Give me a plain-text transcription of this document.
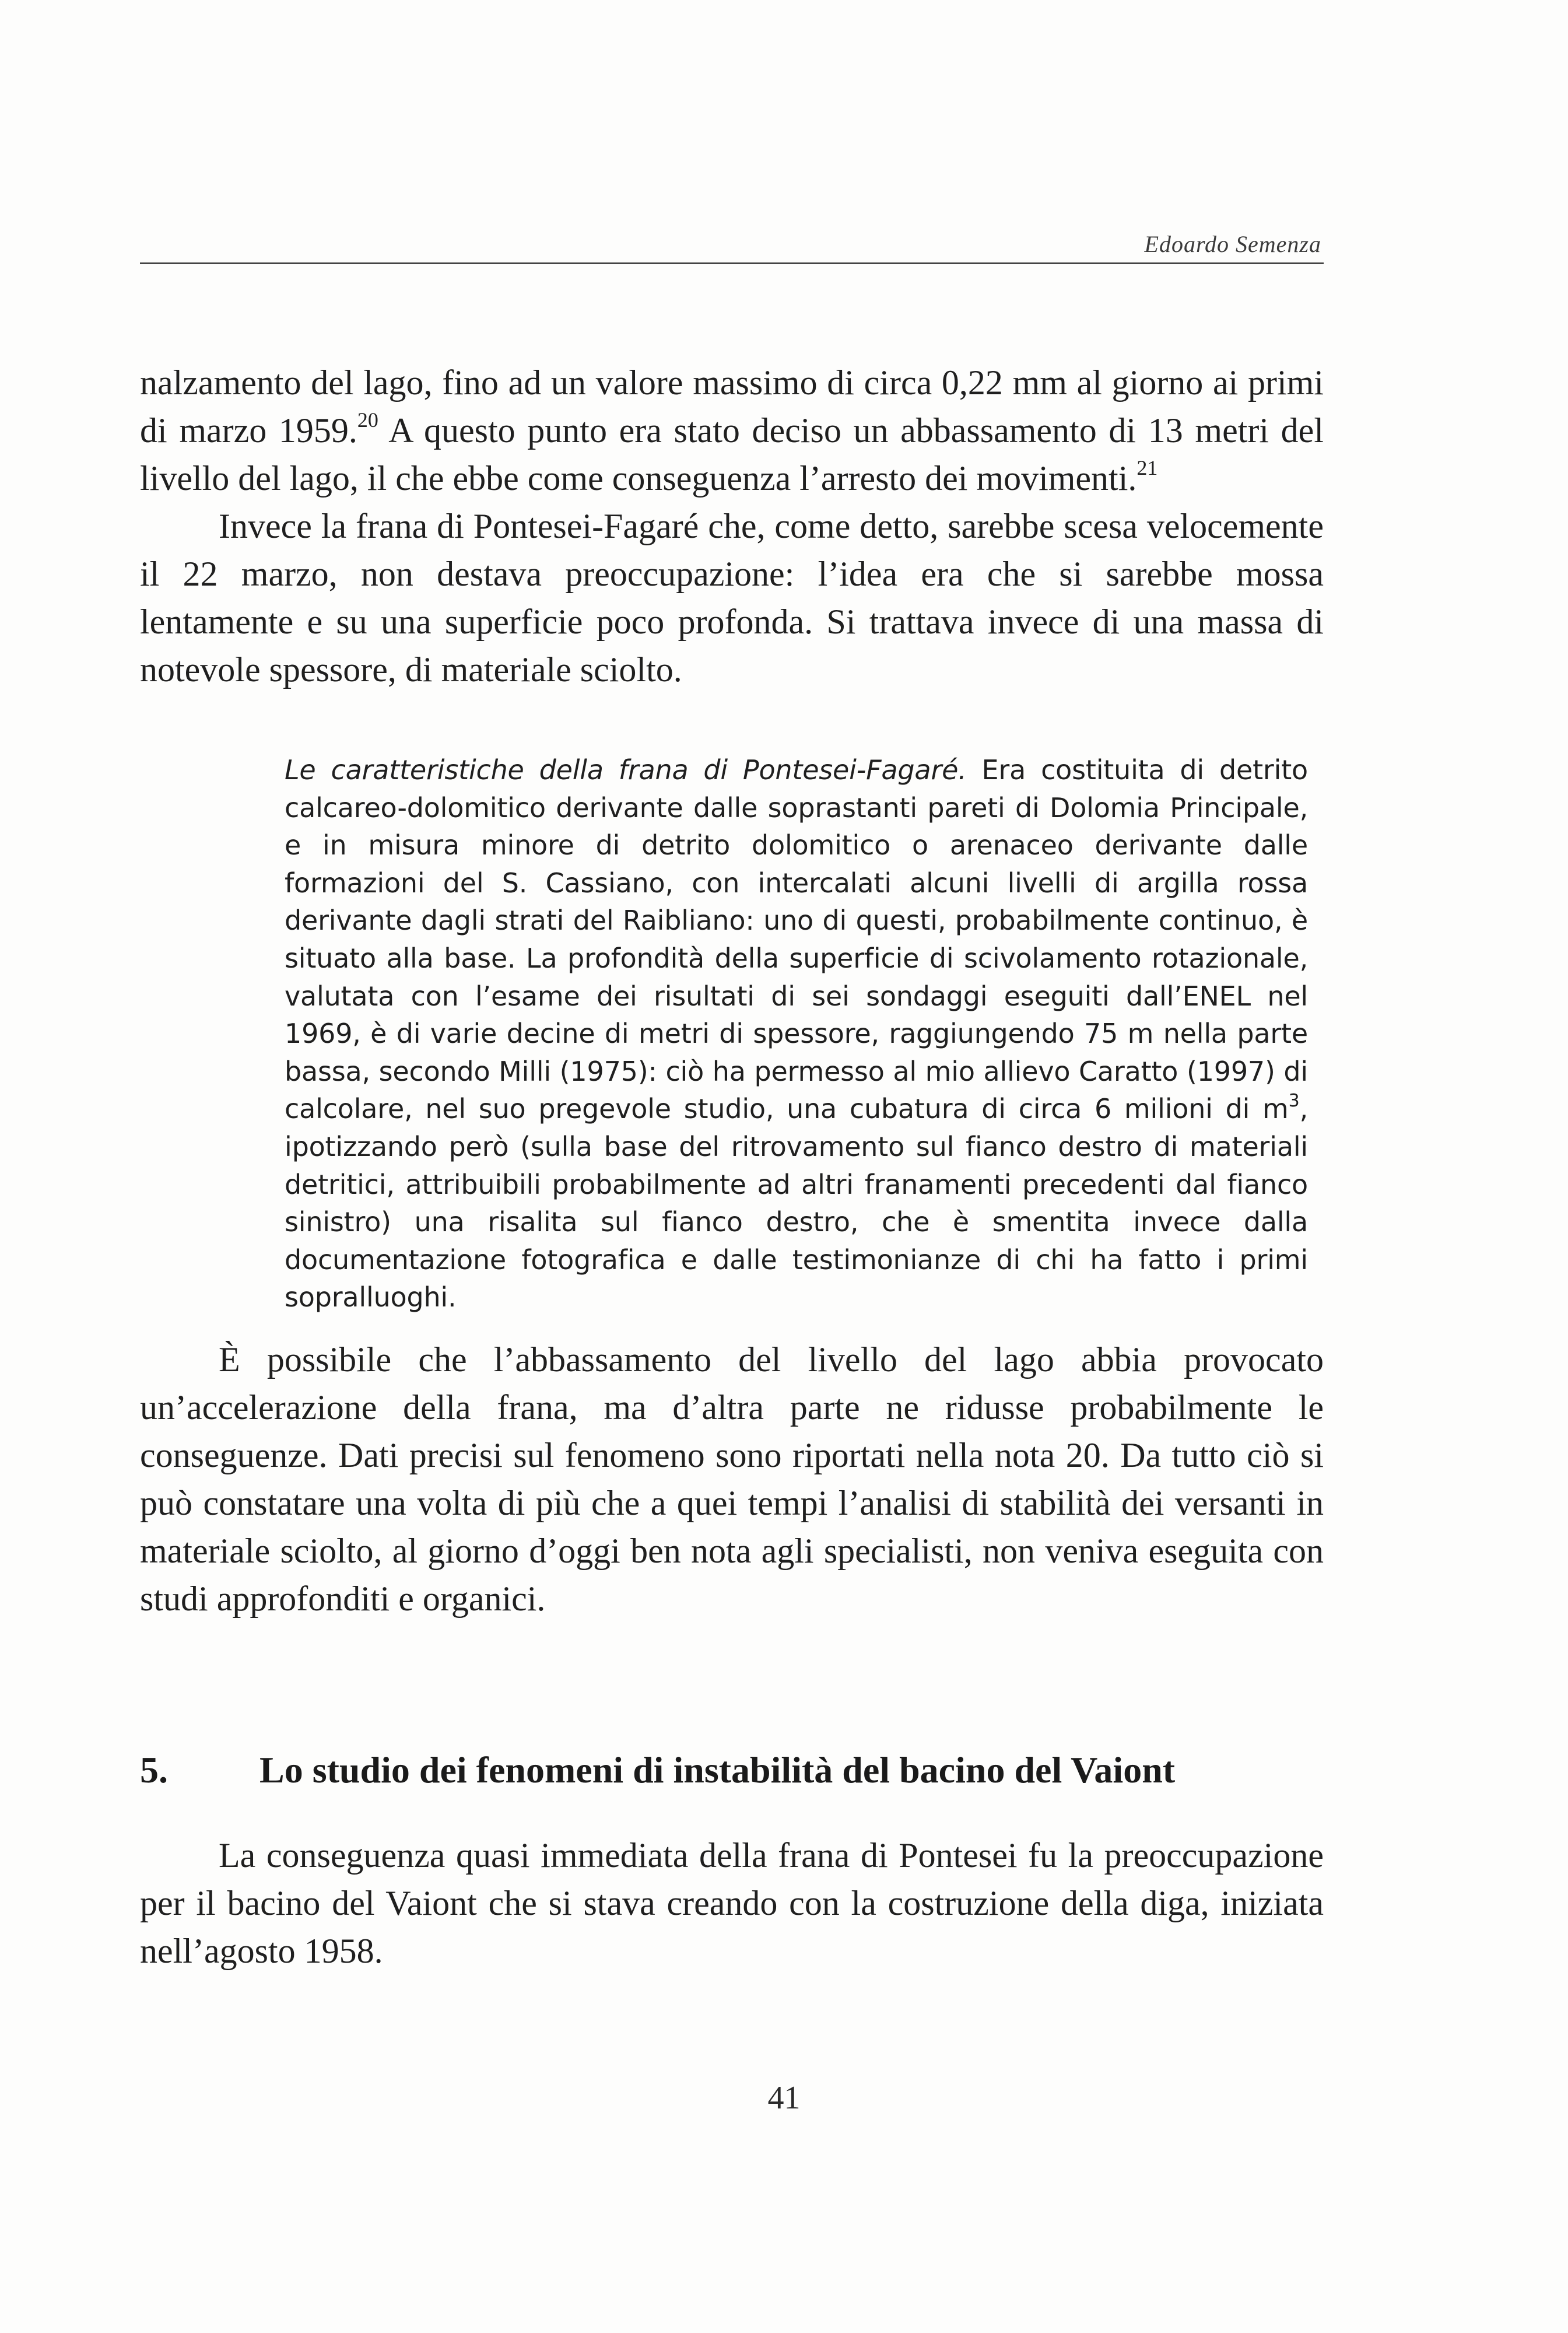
Edoardo Semenza

nalzamento del lago, fino ad un valore massimo di circa 0,22 mm al giorno ai primi di marzo 1959.20 A questo punto era stato deciso un abbassamento di 13 metri del livello del lago, il che ebbe come conseguenza l’arresto dei movimenti.$^{21}$

Invece la frana di Pontesei-Fagaré che, come detto, sarebbe scesa velocemente il 22 marzo, non destava preoccupazione: l’idea era che si sarebbe mossa lentamente e su una superficie poco profonda. Si trattava invece di una massa di notevole spessore, di materiale sciolto.

Le caratteristiche della frana di Pontesei-Fagaré. Era costituita di detrito calcareo-dolomitico derivante dalle soprastanti pareti di Dolomia Principale, e in misura minore di detrito dolomitico o arenaceo derivante dalle formazioni del S. Cassiano, con intercalati alcuni livelli di argilla rossa derivante dagli strati del Raibliano: uno di questi, probabilmente continuo, è situato alla base. La profondità della superficie di scivolamento rotazionale, valutata con l’esame dei risultati di sei sondaggi eseguiti dall’ENEL nel 1969, è di varie decine di metri di spessore, raggiungendo 75 m nella parte bassa, secondo Milli (1975): ciò ha permesso al mio allievo Caratto (1997) di calcolare, nel suo pregevole studio, una cubatura di circa 6 milioni di $m^3$, ipotizzando però (sulla base del ritrovamento sul fianco destro di materiali detritici, attribuibili probabilmente ad altri franamenti precedenti dal fianco sinistro) una risalita sul fianco destro, che è smentita invece dalla documentazione fotografica e dalle testimonianze di chi ha fatto i primi sopralluoghi.

È possibile che l’abbassamento del livello del lago abbia provocato un’accelerazione della frana, ma d’altra parte ne ridusse probabilmente le conseguenze. Dati precisi sul fenomeno sono riportati nella nota 20. Da tutto ciò si può constatare una volta di più che a quei tempi l’analisi di stabilità dei versanti in materiale sciolto, al giorno d’oggi ben nota agli specialisti, non veniva eseguita con studi approfonditi e organici.

5. Lo studio dei fenomeni di instabilità del bacino del Vaiont

La conseguenza quasi immediata della frana di Pontesei fu la preoccupazione per il bacino del Vaiont che si stava creando con la costruzione della diga, iniziata nell’agosto 1958.

41
